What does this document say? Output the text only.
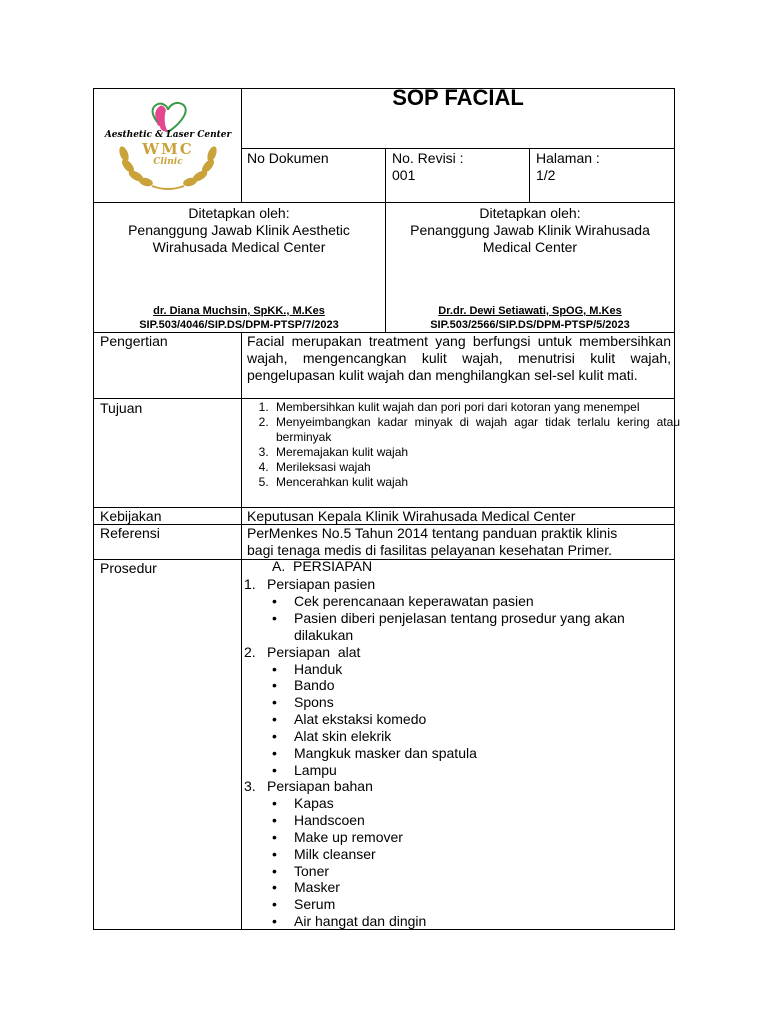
Aesthetic & Laser Center
WMC
Clinic
SOP FACIAL
No Dokumen	No. Revisi :
001
Halaman :
1/2
Ditetapkan oleh:
Penanggung Jawab Klinik Aesthetic
Wirahusada Medical Center
dr. Diana Muchsin, SpKK., M.Kes
SIP.503/4046/SIP.DS/DPM-PTSP/7/2023
Ditetapkan oleh:
Penanggung Jawab Klinik Wirahusada
Medical Center
Dr.dr. Dewi Setiawati, SpOG, M.Kes
SIP.503/2566/SIP.DS/DPM-PTSP/5/2023
Pengertian	Facial merupakan treatment yang berfungsi untuk membersihkan wajah, mengencangkan kulit wajah, menutrisi kulit wajah, pengelupasan kulit wajah dan menghilangkan sel-sel kulit mati.
Tujuan
1.	Membersihkan kulit wajah dan pori pori dari kotoran yang menempel
2. Menyeimbangkan kadar minyak di wajah agar tidak terlalu kering atau berminyak
3. Meremajakan kulit wajah
4. Merileksasi wajah
5. Mencerahkan kulit wajah
Kebijakan	Keputusan Kepala Klinik Wirahusada Medical Center
Referensi	PerMenkes No.5 Tahun 2014 tentang panduan praktik klinis
bagi tenaga medis di fasilitas pelayanan kesehatan Primer.
Prosedur	A.  PERSIAPAN
1. Persiapan pasien
• Cek perencanaan keperawatan pasien
• Pasien diberi penjelasan tentang prosedur yang akan
dilakukan
2. Persiapan  alat
• Handuk
• Bando
• Spons
• Alat ekstaksi komedo
• Alat skin elekrik
• Mangkuk masker dan spatula
• Lampu
3. Persiapan bahan
• Kapas
• Handscoen
• Make up remover
• Milk cleanser
• Toner
• Masker
• Serum
• Air hangat dan dingin
